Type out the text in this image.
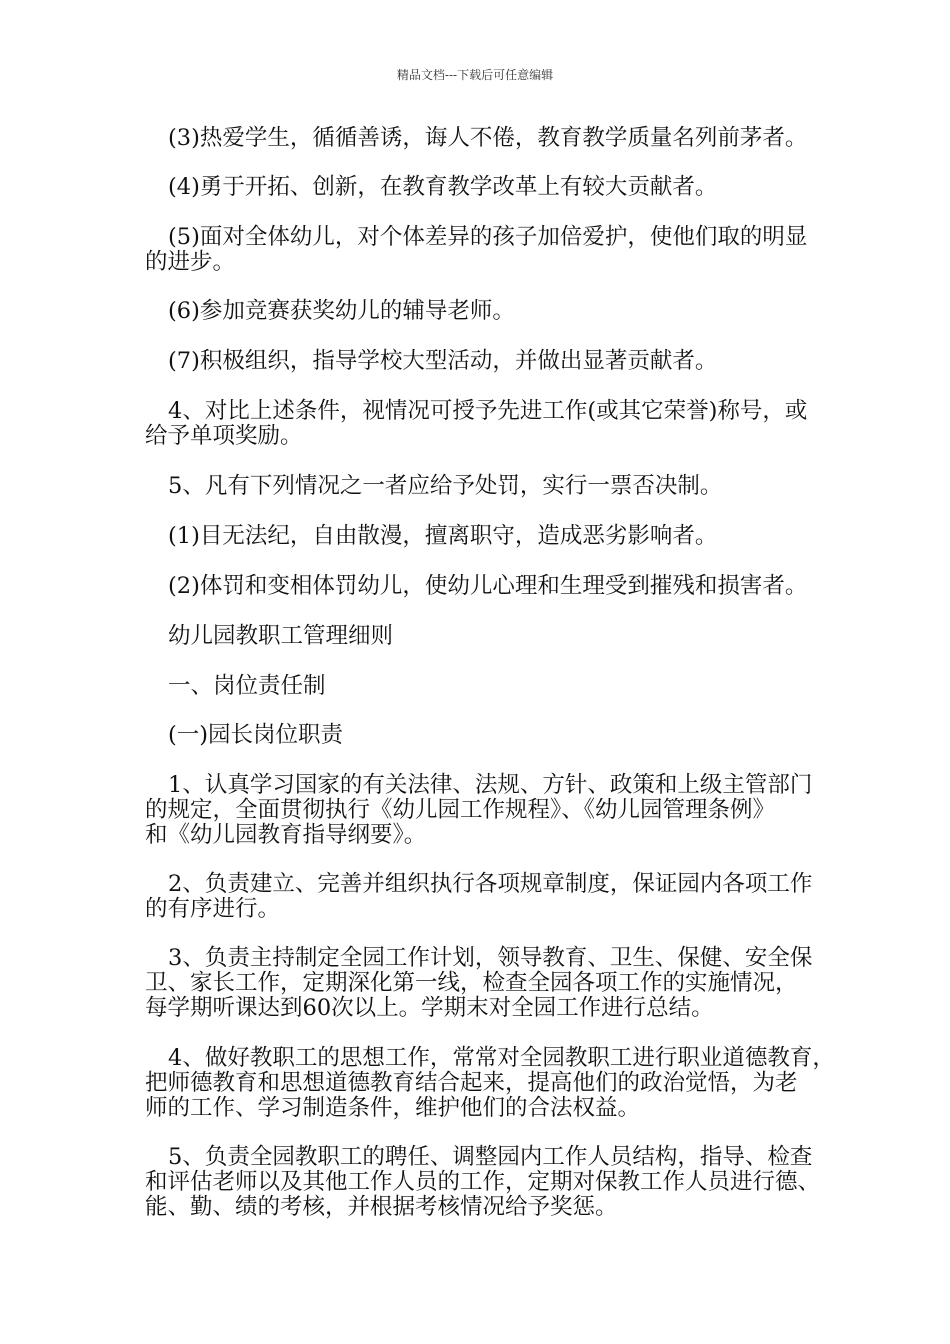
精品文档---下载后可任意编辑
(3)热爱学生，循循善诱，诲人不倦，教育教学质量名列前茅者。
(4)勇于开拓、创新，在教育教学改革上有较大贡献者。
(5)面对全体幼儿，对个体差异的孩子加倍爱护，使他们取的明显
的进步。
(6)参加竞赛获奖幼儿的辅导老师。
(7)积极组织，指导学校大型活动，并做出显著贡献者。
4、对比上述条件，视情况可授予先进工作(或其它荣誉)称号，或
给予单项奖励。
5、凡有下列情况之一者应给予处罚，实行一票否决制。
(1)目无法纪，自由散漫，擅离职守，造成恶劣影响者。
(2)体罚和变相体罚幼儿，使幼儿心理和生理受到摧残和损害者。
幼儿园教职工管理细则
一、岗位责任制
(一)园长岗位职责
1、认真学习国家的有关法律、法规、方针、政策和上级主管部门
的规定，全面贯彻执行《幼儿园工作规程》、《幼儿园管理条例》
和《幼儿园教育指导纲要》。
2、负责建立、完善并组织执行各项规章制度，保证园内各项工作
的有序进行。
3、负责主持制定全园工作计划，领导教育、卫生、保健、安全保
卫、家长工作，定期深化第一线，检查全园各项工作的实施情况，
每学期听课达到60次以上。学期末对全园工作进行总结。
4、做好教职工的思想工作，常常对全园教职工进行职业道德教育，
把师德教育和思想道德教育结合起来，提高他们的政治觉悟，为老
师的工作、学习制造条件，维护他们的合法权益。
5、负责全园教职工的聘任、调整园内工作人员结构，指导、检查
和评估老师以及其他工作人员的工作，定期对保教工作人员进行德、
能、勤、绩的考核，并根据考核情况给予奖惩。
